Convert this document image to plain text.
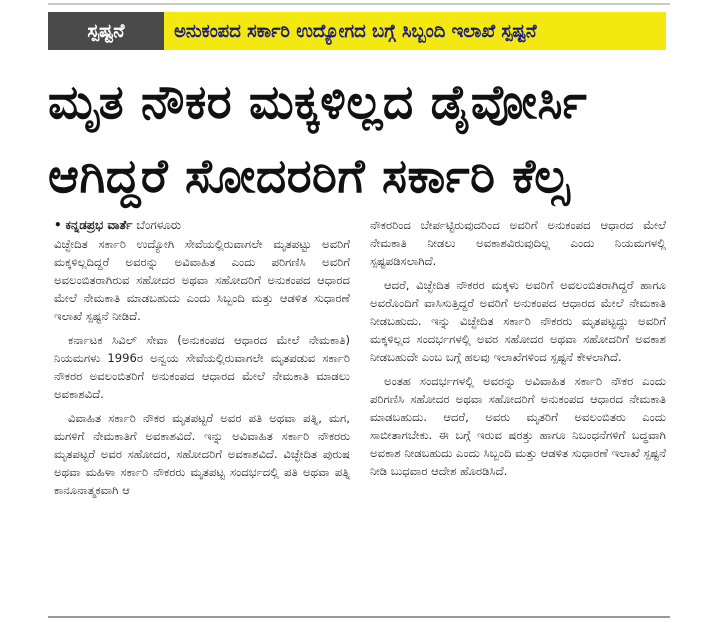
ಸ್ಪಷ್ಟನೆ	ಅನುಕಂಪದ ಸರ್ಕಾರಿ ಉದ್ಯೋಗದ ಬಗ್ಗೆ ಸಿಬ್ಬಂದಿ ಇಲಾಖೆ ಸ್ಪಷ್ಟನೆ
ಮೃತ ನೌಕರ ಮಕ್ಕಳಿಲ್ಲದ ಡೈವೋರ್ಸಿ
ಆಗಿದ್ದರೆ ಸೋದರರಿಗೆ ಸರ್ಕಾರಿ ಕೆಲ್ಸ
• ಕನ್ನಡಪ್ರಭ ವಾರ್ತೆ ಬೆಂಗಳೂರು

ವಿಚ್ಛೇದಿತ ಸರ್ಕಾರಿ ಉದ್ಯೋಗಿ ಸೇವೆಯಲ್ಲಿರುವಾಗಲೇ ಮೃತಪಟ್ಟು ಅವರಿಗೆ ಮಕ್ಕಳಿಲ್ಲದಿದ್ದರೆ ಅವರನ್ನು ಅವಿವಾಹಿತ ಎಂದು ಪರಿಗಣಿಸಿ ಅವರಿಗೆ ಅವಲಂಬಿತರಾಗಿರುವ ಸಹೋದರ ಅಥವಾ ಸಹೋದರಿಗೆ ಅನುಕಂಪದ ಆಧಾರದ ಮೇಲೆ ನೇಮಕಾತಿ ಮಾಡಬಹುದು ಎಂದು ಸಿಬ್ಬಂದಿ ಮತ್ತು ಆಡಳಿತ ಸುಧಾರಣೆ ಇಲಾಖೆ ಸ್ಪಷ್ಟನೆ ನೀಡಿದೆ.

ಕರ್ನಾಟಕ ಸಿವಿಲ್ ಸೇವಾ (ಅನುಕಂಪದ ಆಧಾರದ ಮೇಲೆ ನೇಮಕಾತಿ) ನಿಯಮಗಳು 1996ರ ಅನ್ವಯ ಸೇವೆಯಲ್ಲಿರುವಾಗಲೇ ಮೃತಪಡುವ ಸರ್ಕಾರಿ ನೌಕರರ ಅವಲಂಬಿತರಿಗೆ ಅನುಕಂಪದ ಆಧಾರದ ಮೇಲೆ ನೇಮಕಾತಿ ಮಾಡಲು ಅವಕಾಶವಿದೆ.

ವಿವಾಹಿತ ಸರ್ಕಾರಿ ನೌಕರ ಮೃತಪಟ್ಟರೆ ಅವರ ಪತಿ ಅಥವಾ ಪತ್ನಿ, ಮಗ, ಮಗಳಿಗೆ ನೇಮಕಾತಿಗೆ ಅವಕಾಶವಿದೆ. ಇನ್ನು ಅವಿವಾಹಿತ ಸರ್ಕಾರಿ ನೌಕರರು ಮೃತಪಟ್ಟರೆ ಅವರ ಸಹೋದರ, ಸಹೋದರಿಗೆ ಅವಕಾಶವಿದೆ. ವಿಚ್ಛೇದಿತ ಪುರುಷ ಅಥವಾ ಮಹಿಳಾ ಸರ್ಕಾರಿ ನೌಕರರು ಮೃತಪಟ್ಟ ಸಂದರ್ಭದಲ್ಲಿ ಪತಿ ಅಥವಾ ಪತ್ನಿ ಕಾನೂನಾತ್ಮಕವಾಗಿ ಆ

ನೌಕರರಿಂದ ಬೇರ್ಪಟ್ಟಿರುವುದರಿಂದ ಅವರಿಗೆ ಅನುಕಂಪದ ಆಧಾರದ ಮೇಲೆ ನೇಮಕಾತಿ ನೀಡಲು ಅವಕಾಶವಿರುವುದಿಲ್ಲ ಎಂದು ನಿಯಮಗಳಲ್ಲಿ ಸ್ಪಷ್ಟಪಡಿಸಲಾಗಿದೆ.

ಆದರೆ, ವಿಚ್ಛೇದಿತ ನೌಕರರ ಮಕ್ಕಳು ಅವರಿಗೆ ಅವಲಂಬಿತರಾಗಿದ್ದರೆ ಹಾಗೂ ಅವರೊಂದಿಗೆ ವಾಸಿಸುತ್ತಿದ್ದರೆ ಅವರಿಗೆ ಅನುಕಂಪದ ಆಧಾರದ ಮೇಲೆ ನೇಮಕಾತಿ ನೀಡಬಹುದು. ಇನ್ನು ವಿಚ್ಛೇದಿತ ಸರ್ಕಾರಿ ನೌಕರರು ಮೃತಪಟ್ಟದ್ದು ಅವರಿಗೆ ಮಕ್ಕಳಿಲ್ಲದ ಸಂದರ್ಭಗಳಲ್ಲಿ ಅವರ ಸಹೋದರ ಅಥವಾ ಸಹೋದರಿಗೆ ಅವಕಾಶ ನೀಡಬಹುದೇ ಎಂಬ ಬಗ್ಗೆ ಹಲವು ಇಲಾಖೆಗಳಿಂದ ಸ್ಪಷ್ಟನೆ ಕೇಳಲಾಗಿದೆ.

ಅಂತಹ ಸಂದರ್ಭಗಳಲ್ಲಿ ಅವರನ್ನು ಅವಿವಾಹಿತ ಸರ್ಕಾರಿ ನೌಕರ ಎಂದು ಪರಿಗಣಿಸಿ ಸಹೋದರ ಅಥವಾ ಸಹೋದರಿಗೆ ಅನುಕಂಪದ ಆಧಾರದ ನೇಮಕಾತಿ ಮಾಡಬಹುದು. ಆದರೆ, ಅವರು ಮೃತರಿಗೆ ಅವಲಂಬಿತರು ಎಂದು ಸಾಬೀತಾಗಬೇಕು. ಈ ಬಗ್ಗೆ ಇರುವ ಷರತ್ತು ಹಾಗೂ ನಿಬಂಧನೆಗಳಿಗೆ ಬದ್ಧವಾಗಿ ಅವಕಾಶ ನೀಡಬಹುದು ಎಂದು ಸಿಬ್ಬಂದಿ ಮತ್ತು ಆಡಳಿತ ಸುಧಾರಣೆ ಇಲಾಖೆ ಸ್ಪಷ್ಟನೆ ನೀಡಿ ಬುಧವಾರ ಆದೇಶ ಹೊರಡಿಸಿದೆ.
